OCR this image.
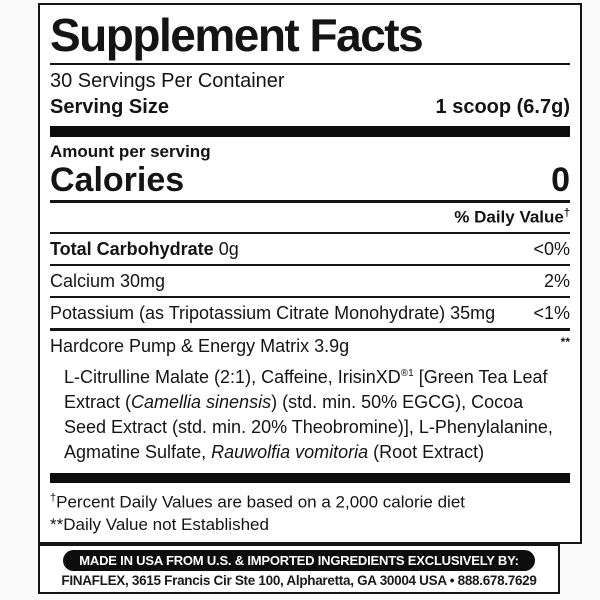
Supplement Facts
30 Servings Per Container
Serving Size	1 scoop (6.7g)
Amount per serving
Calories	0
% Daily Value†
Total Carbohydrate 0g	<0%
Calcium 30mg	2%
Potassium (as Tripotassium Citrate Monohydrate) 35mg <1%
Hardcore Pump & Energy Matrix 3.9g	**
L-Citrulline Malate (2:1), Caffeine, IrisinXD$^{®1}$ [Green Tea Leaf Extract (Camellia sinensis) (std. min. 50% EGCG), Cocoa Seed Extract (std. min. 20% Theobromine)], L-Phenylalanine, Agmatine Sulfate, Rauwolfia vomitoria (Root Extract)
†Percent Daily Values are based on a 2,000 calorie diet
**Daily Value not Established
MADE IN USA FROM U.S. & IMPORTED INGREDIENTS EXCLUSIVELY BY:
FINAFLEX, 3615 Francis Cir Ste 100, Alpharetta, GA 30004 USA • 888.678.7629
